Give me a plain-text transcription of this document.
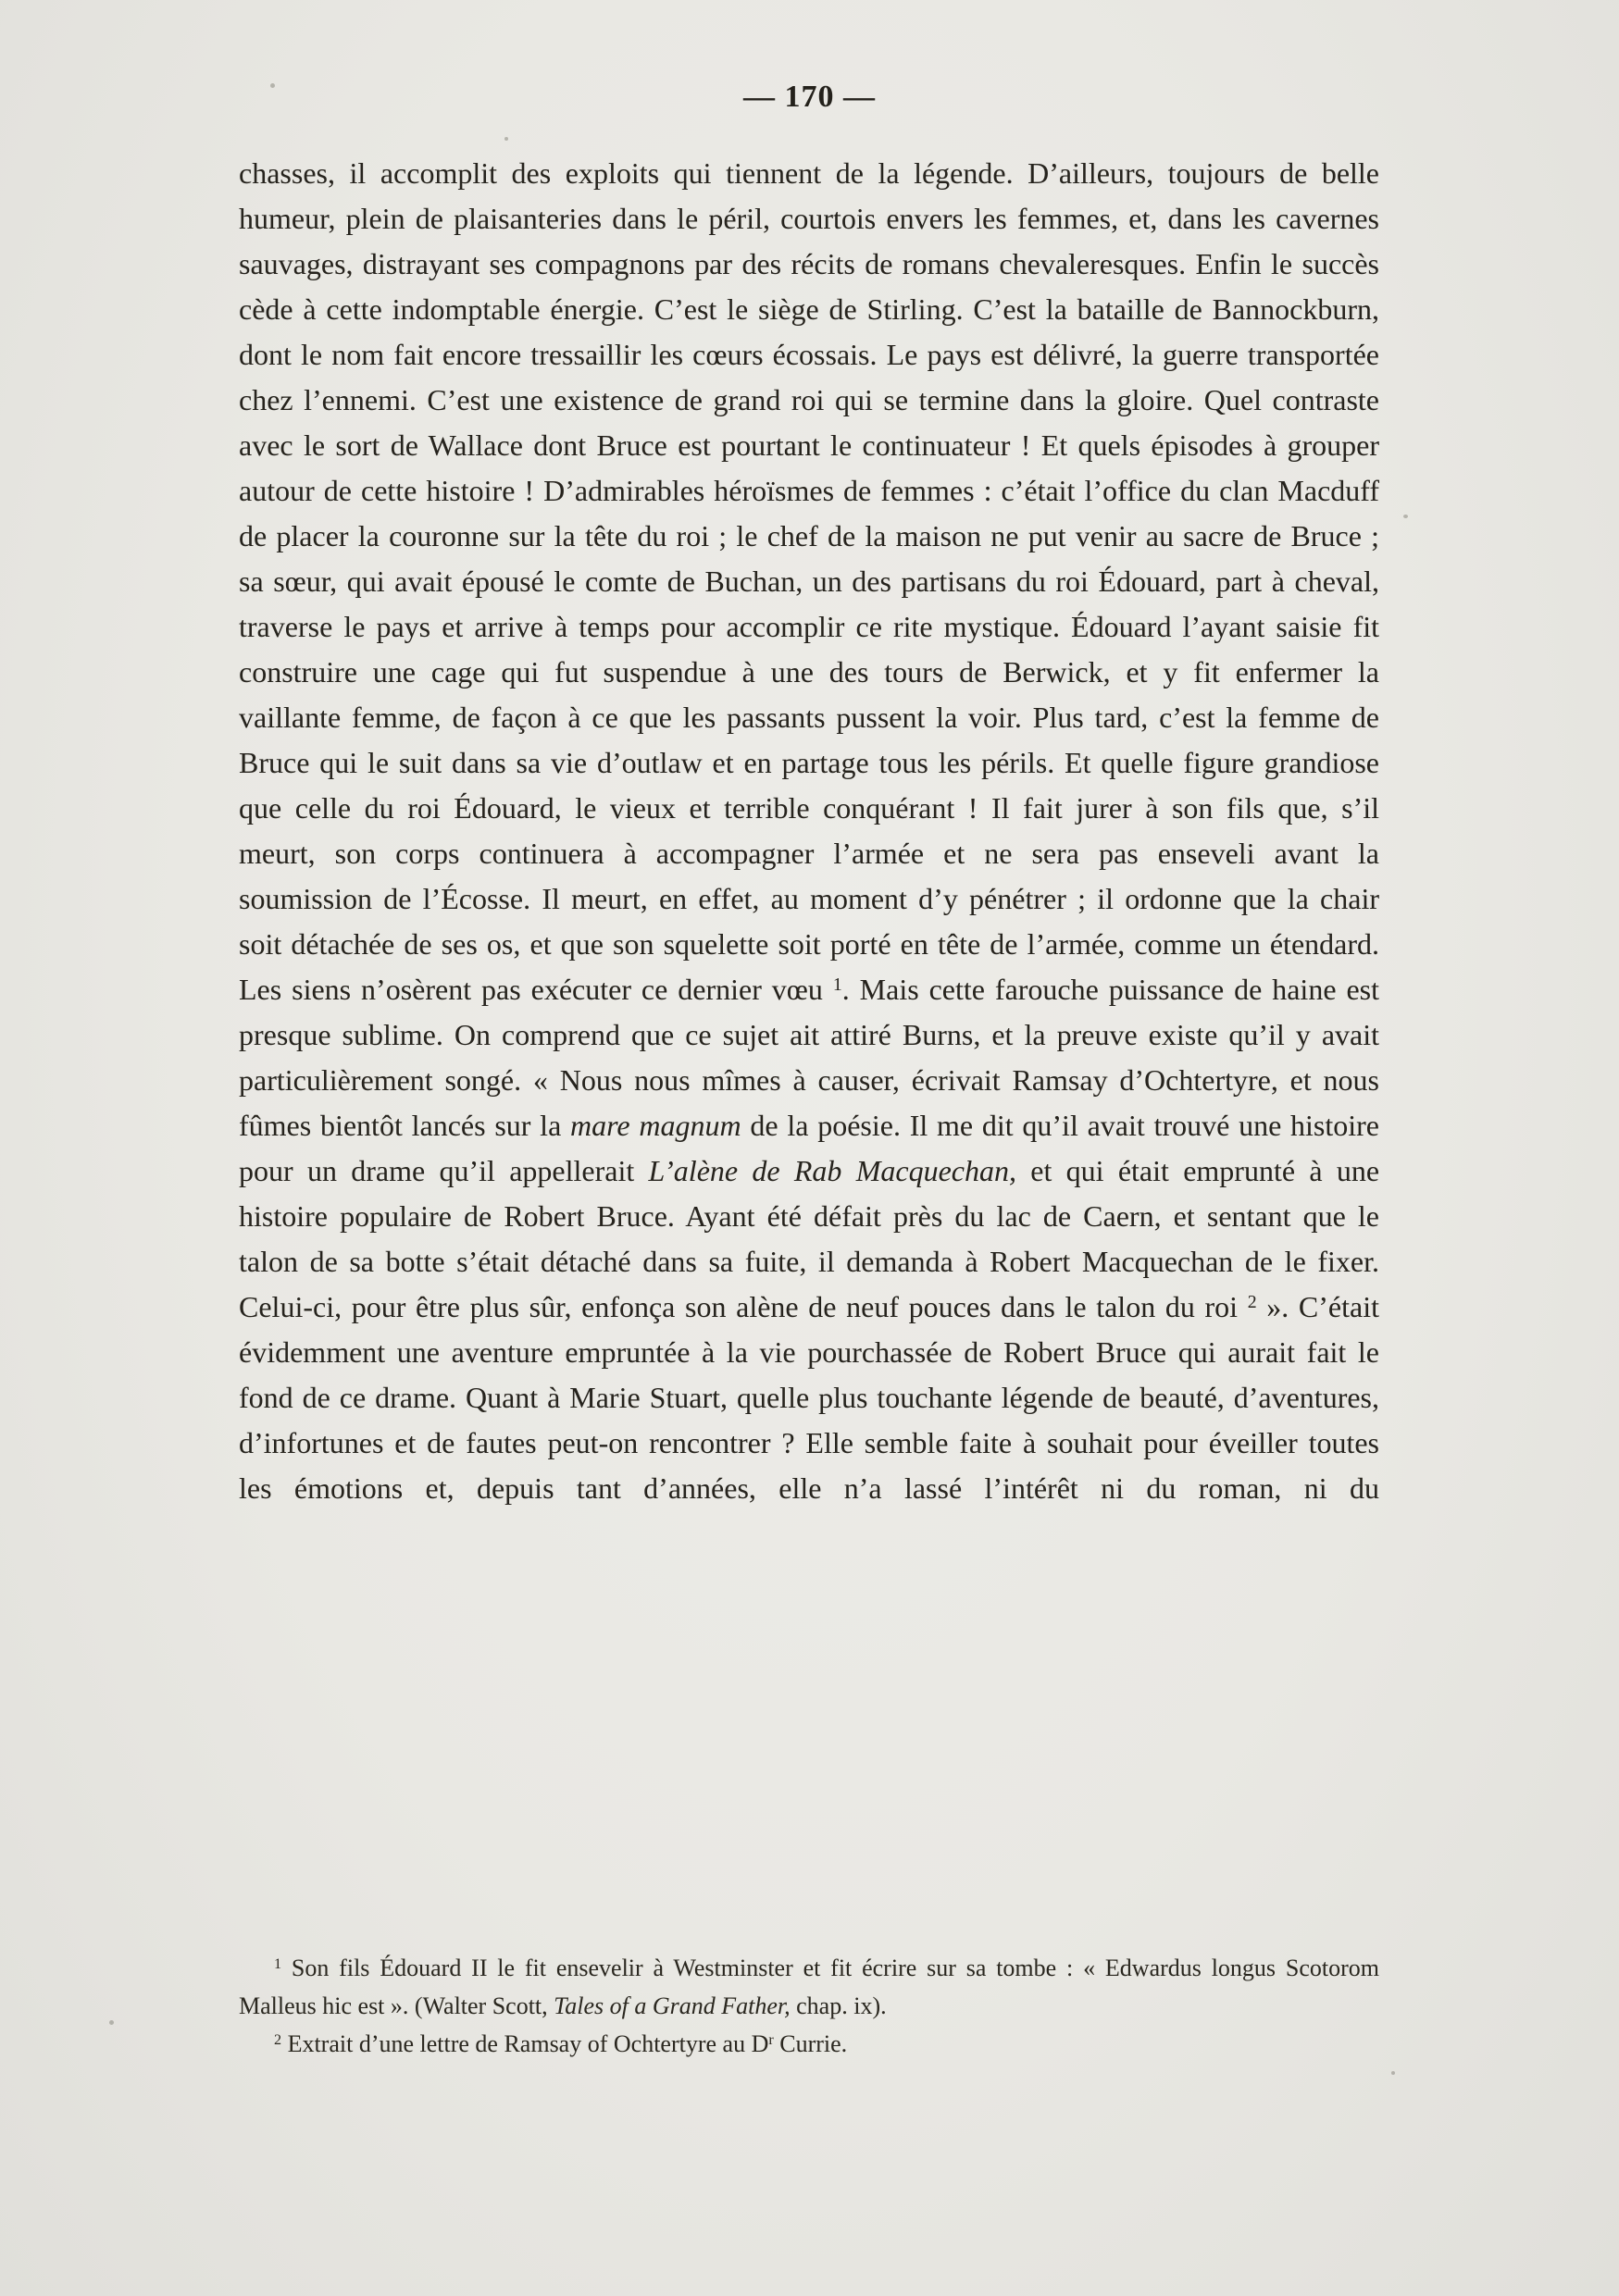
— 170 —
chasses, il accomplit des exploits qui tiennent de la légende. D’ailleurs, toujours de belle humeur, plein de plaisanteries dans le péril, courtois envers les femmes, et, dans les cavernes sauvages, distrayant ses compagnons par des récits de romans chevaleresques. Enfin le succès cède à cette indomptable énergie. C’est le siège de Stirling. C’est la bataille de Bannockburn, dont le nom fait encore tressaillir les cœurs écossais. Le pays est délivré, la guerre transportée chez l’ennemi. C’est une existence de grand roi qui se termine dans la gloire. Quel contraste avec le sort de Wallace dont Bruce est pourtant le continuateur ! Et quels épisodes à grouper autour de cette histoire ! D’admirables héroïsmes de femmes : c’était l’office du clan Macduff de placer la couronne sur la tête du roi ; le chef de la maison ne put venir au sacre de Bruce ; sa sœur, qui avait épousé le comte de Buchan, un des partisans du roi Édouard, part à cheval, traverse le pays et arrive à temps pour accomplir ce rite mystique. Édouard l’ayant saisie fit construire une cage qui fut suspendue à une des tours de Berwick, et y fit enfermer la vaillante femme, de façon à ce que les passants pussent la voir. Plus tard, c’est la femme de Bruce qui le suit dans sa vie d’outlaw et en partage tous les périls. Et quelle figure grandiose que celle du roi Édouard, le vieux et terrible conquérant ! Il fait jurer à son fils que, s’il meurt, son corps continuera à accompagner l’armée et ne sera pas enseveli avant la soumission de l’Écosse. Il meurt, en effet, au moment d’y pénétrer ; il ordonne que la chair soit détachée de ses os, et que son squelette soit porté en tête de l’armée, comme un étendard. Les siens n’osèrent pas exécuter ce dernier vœu $^1$. Mais cette farouche puissance de haine est presque sublime. On comprend que ce sujet ait attiré Burns, et la preuve existe qu’il y avait particulièrement songé. « Nous nous mîmes à causer, écrivait Ramsay d’Ochtertyre, et nous fûmes bientôt lancés sur la mare magnum de la poésie. Il me dit qu’il avait trouvé une histoire pour un drame qu’il appellerait L’alène de Rab Macquechan, et qui était emprunté à une histoire populaire de Robert Bruce. Ayant été défait près du lac de Caern, et sentant que le talon de sa botte s’était détaché dans sa fuite, il demanda à Robert Macquechan de le fixer. Celui-ci, pour être plus sûr, enfonça son alène de neuf pouces dans le talon du roi $^2$ ». C’était évidemment une aventure empruntée à la vie pourchassée de Robert Bruce qui aurait fait le fond de ce drame. Quant à Marie Stuart, quelle plus touchante légende de beauté, d’aventures, d’infortunes et de fautes peut-on rencontrer ? Elle semble faite à souhait pour éveiller toutes les émotions et, depuis tant d’années, elle n’a lassé l’intérêt ni du roman, ni du

$^1$ Son fils Édouard II le fit ensevelir à Westminster et fit écrire sur sa tombe : « Edwardus longus Scotorom Malleus hic est ». (Walter Scott, Tales of a Grand Father, chap. ix).

$^2$ Extrait d’une lettre de Ramsay of Ochtertyre au $D^r$ Currie.
